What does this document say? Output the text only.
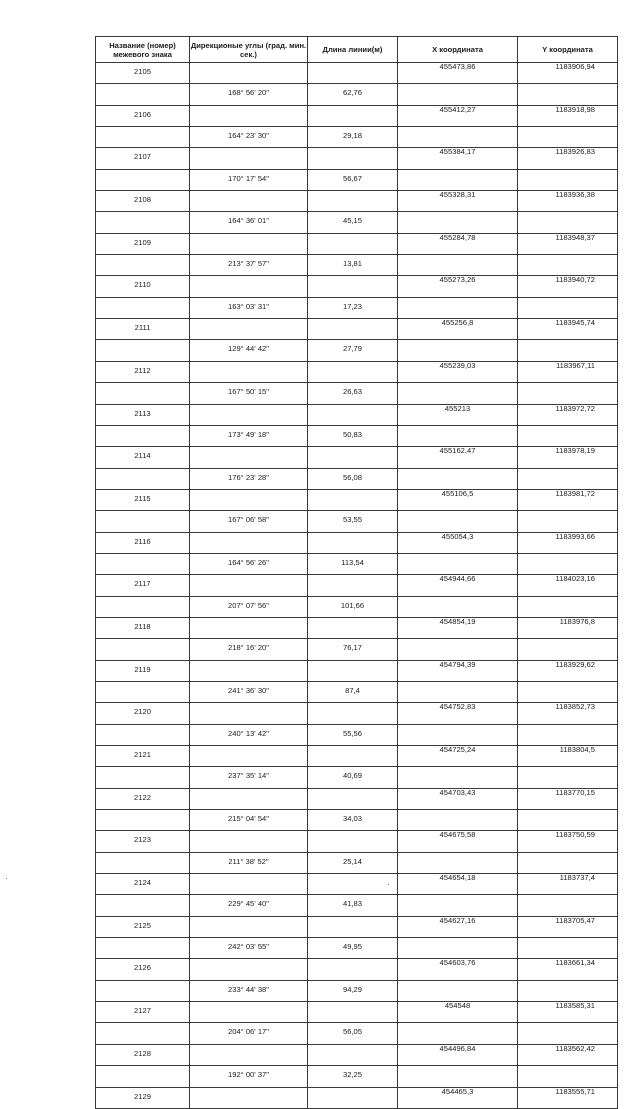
Название (номер) межевого знака	Дирекционые углы (град. мин. сек.)	Длина линии(м)	X координата	Y координата
2105			455473,86	1183906,94
	168° 56' 20"	62,76		
2106			455412,27	1183918,98
	164° 23' 30"	29,18		
2107			455384,17	1183926,83
	170° 17' 54"	56,67		
2108			455328,31	1183936,38
	164° 36' 01"	45,15		
2109			455284,78	1183948,37
	213° 37' 57"	13,81		
2110			455273,26	1183940,72
	163° 03' 31"	17,23		
2111			455256,8	1183945,74
	129° 44' 42"	27,79		
2112			455239,03	1183967,11
	167° 50' 15"	26,63		
2113			455213	1183972,72
	173° 49' 18"	50,83		
2114			455162,47	1183978,19
	176° 23' 28"	56,08		
2115			455106,5	1183981,72
	167° 06' 58"	53,55		
2116			455054,3	1183993,66
	164° 56' 26"	113,54		
2117			454944,66	1184023,16
	207° 07' 56"	101,66		
2118			454854,19	1183976,8
	218° 16' 20"	76,17		
2119			454794,39	1183929,62
	241° 36' 30"	87,4		
2120			454752,83	1183852,73
	240° 13' 42"	55,56		
2121			454725,24	1183804,5
	237° 35' 14"	40,69		
2122			454703,43	1183770,15
	215° 04' 54"	34,03		
2123			454675,58	1183750,59
	211° 38' 52"	25,14		
2124			454654,18	1183737,4
	229° 45' 40"	41,83		
2125			454627,16	1183705,47
	242° 03' 55"	49,95		
2126			454603,76	1183661,34
	233° 44' 38"	94,29		
2127			454548	1183585,31
	204° 06' 17"	56,05		
2128			454496,84	1183562,42
	192° 00' 37"	32,25		
2129			454465,3	1183555,71
